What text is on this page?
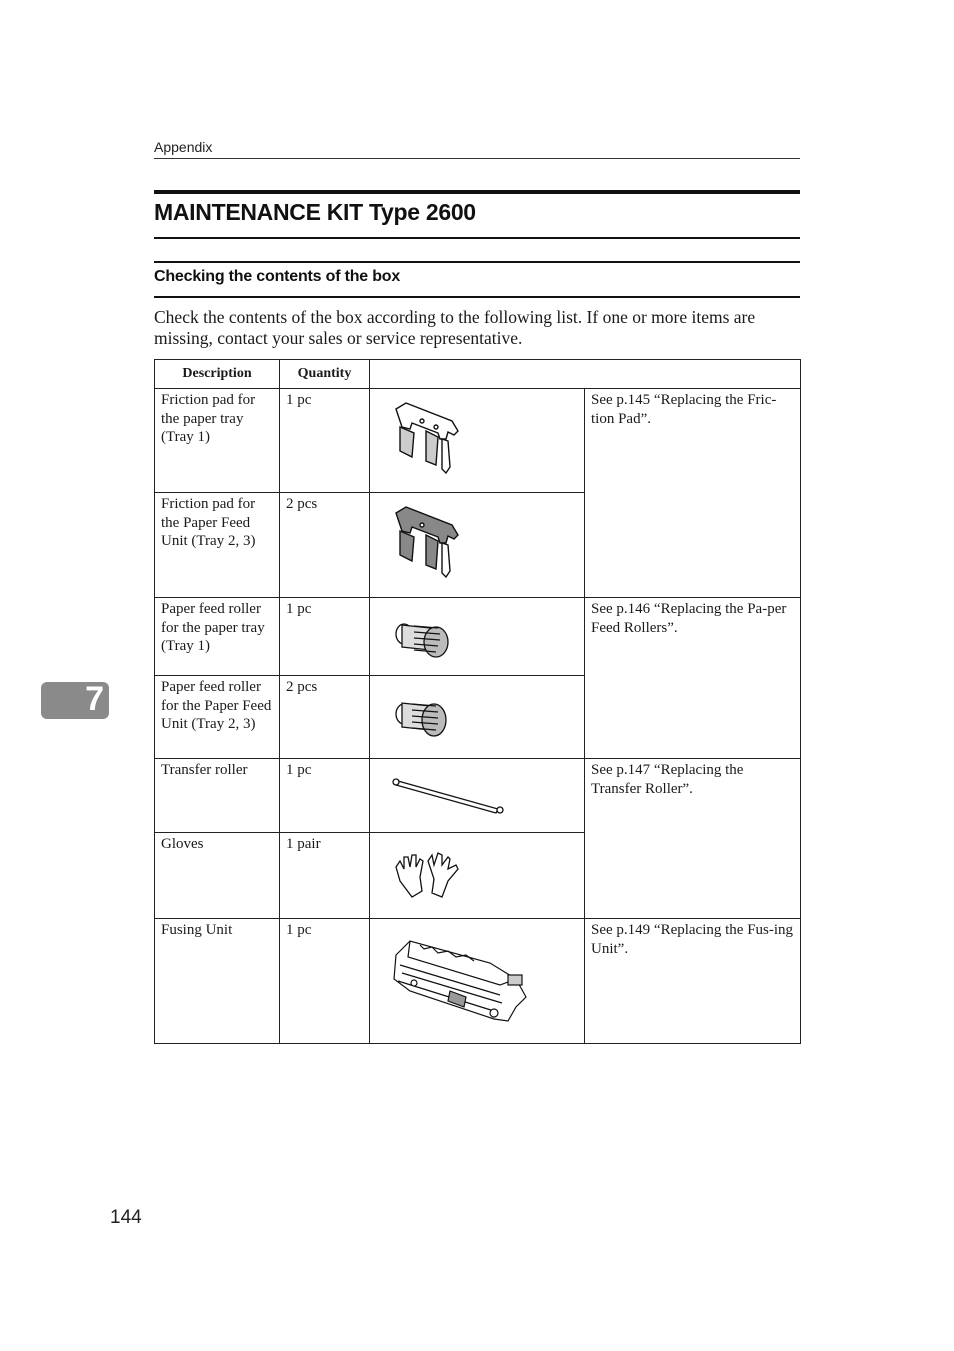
Appendix
MAINTENANCE KIT Type 2600
Checking the contents of the box
Check the contents of the box according to the following list. If one or more items are missing, contact your sales or service representative.
Description	Quantity		

Friction pad for the paper tray (Tray 1)	1 pc		See p.145 “Replacing the Fric-tion Pad”.

Friction pad for the Paper Feed Unit (Tray 2, 3)	2 pcs

Paper feed roller for the paper tray (Tray 1)	1 pc		See p.146 “Replacing the Pa-per Feed Rollers”.

Paper feed roller for the Paper Feed Unit (Tray 2, 3)	2 pcs

Transfer roller	1 pc		See p.147 “Replacing the Transfer Roller”.

Gloves	1 pair

Fusing Unit	1 pc		See p.149 “Replacing the Fus-ing Unit”.
7
144
